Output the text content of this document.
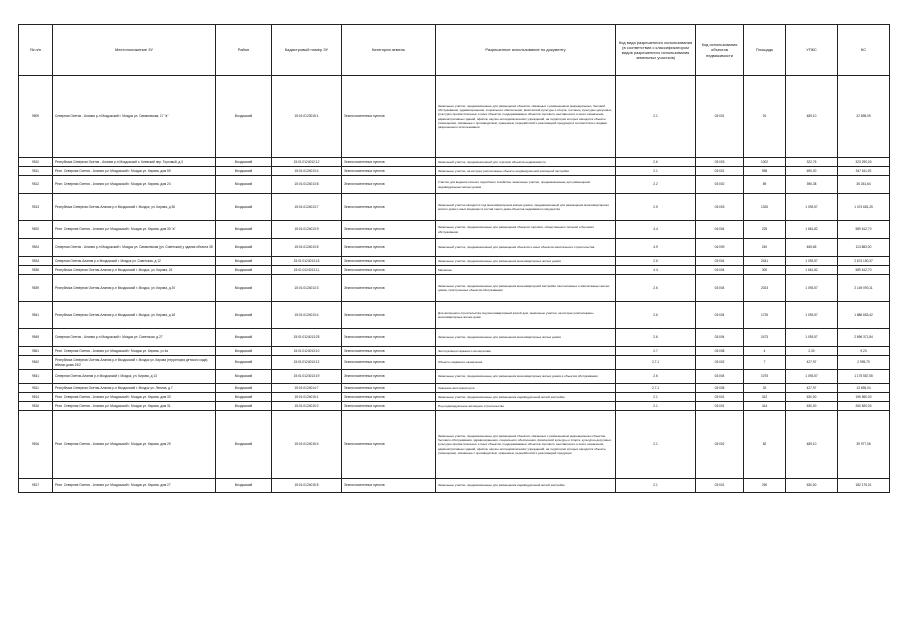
№ п/п	Местоположение ЗУ	Район	Кадастровый номер ЗУ	Категория земель	Разрешенное использование по документу	Код вида разрешенного использования (в соответствии с классификатором видов разрешенного использования земельных участков)	Код использования объектов недвижимости	Площадь	УПКС	КС
9509	Северная Осетия - Алания р-н Моздокский г. Моздок ул. Сивачевская, 17 "а"	Моздокский	15:01:0123015:1	Земли населенных пунктов	Земельные участки, предназначенные для размещения объектов, связанных с размещением рекреационных, бытовой обслуживания, здравоохранения, социального обеспечения, физической культуры и спорта, гостиниц, культурно-досуговых, культурно-просветительных и иных объектов, поддерживаемых объектов торгового, выставочного и иного назначения, административных зданий, офисов, научно-исследовательских учреждений, на территории которых находятся объекты (помещения), связанные с производством, хранением, переработкой и реализацией продукции в соответствии с видами разрешенного использования	2.1	03:001	91	489,10	22 698,09
9510	Республика Северная Осетия - Алания р-н Моздокский с. Киевский пер. Торговый, д.3	Моздокский	15:01:0124012:12	Земли населенных пунктов	Земельный участок, предназначенный для торговли объектов недвижимости	2.6	03:003	1002	322,76	323 290,00
9511	Респ. Северная Осетия - Алания р-н Моздокский г. Моздок ул. Кирова, дом 59	Моздокский	15:01:0124013:4	Земли населенных пунктов	Земельные участки, на которых расположены объекты индивидуальной жилищной застройки	2.1	03:001	958	690,00	347 611,92
9512	Респ. Северная Осетия - Алания р-н Моздокский г. Моздок ул. Кирова, дом 24	Моздокский	15:01:0124013:8	Земли населенных пунктов	Участки для ведения личного подсобного хозяйства, земельные участки, предназначенные для размещения индивидуальных жилых домов	2.2	03:002	89	396,38	35 261,64
9513	Республика Северная Осетия-Алания р-н Моздокский г. Моздок, ул. Кирова, д 36	Моздокский	15:01:0124013:7	Земли населенных пунктов	Земельный участок находится под многоквартирным жилым домом, предназначенный для размещения многоквартирного жилого дома и иных входящих в состав такого дома объектов недвижимого имущества	2.5	03:003	1325	1 093,57	1 474 681,25
9520	Респ. Северная Осетия - Алания р-н Моздокский г. Моздок ул. Кирова, дом 30 "а"	Моздокский	15:01:0124013:9	Земли населенных пунктов	Земельные участки, предназначенные для размещения объектов торговли, общественного питания и бытового обслуживания	4.4	04:004	225	1 661,82	589 612,70
9524	Северная Осетия - Алания р-н Моздокский г. Моздок ул. Сивачевская (ул. Советская) у здания объекта 38	Моздокский	15:01:0124013:5	Земли населенных пунктов	Земельный участок, предназначенный для размещения объектов и иных объектов капитального строительства	4.9	04:009	240	465,65	113 883,00
9534	Северная Осетия-Алания р-н Моздокский г. Моздок ул. Советская, д 12	Моздокский	15:01:0124013:15	Земли населенных пунктов	Земельные участки, предназначенные для размещения многоквартирных жилых домов	2.6	03:004	2441	1 093,57	2 674 150,37
9536	Республика Северная Осетия-Алания р-н Моздокский г. Моздок, ул. Кирова, 24	Моздокский	15:01:0124013:11	Земли населенных пунктов	Магазины	4.4	04:004	300	1 661,82	589 612,70
9539	Республика Северная Осетия-Алания р-н Моздокский г. Моздок, ул. Кирова, д 20	Моздокский	15:01:0124013:3	Земли населенных пунктов	Земельные участки, предназначенные для размещения многоквартирной застройки, многоэтажных и малоэтажных жилых домов, пристроенных объектов обслуживания	2.6	03:004	2023	1 093,57	2 149 090,11
9541	Республика Северная Осетия-Алания р-н Моздокский г. Моздок, ул. Кирова, д 18	Моздокский	15:01:0124013:4	Земли населенных пунктов	Для жилищного строительства под многоквартирный жилой дом, земельные участки, на которых расположены многоквартирные жилые дома	2.6	03:004	1725	1 093,57	1 886 653,42
9549	Северная Осетия - Алания р-н Моздокский г. Моздок ул. Советская, д 27	Моздокский	15:01:0124013:25	Земли населенных пунктов	Земельные участки, предназначенные для размещения многоквартирных жилых домов	2.6	03:004	2473	1 093,57	2 696 371,84
9561	Респ. Северная Осетия - Алания р-н Моздокский г. Моздок ул. Кирова, уч 4а	Моздокский	15:01:0124013:10	Земли населенных пунктов	Эксплуатация гаражного кооператива	2.7	03:008	4	2,30	9,23
9542	Республика Северная Осетия-Алания р-н Моздокский г. Моздок ул. Кирова (территория детского сада) вблизи дома 19/2	Моздокский	15:01:0124013:12	Земли населенных пунктов	Объекты гаражного назначения	2.7.1	03:002	7	427,97	2 995,79
9541	Северная Осетия-Алания р-н Моздокский г. Моздок, ул. Кирова, д 13	Моздокский	15:01:0124013:19	Земли населенных пунктов	Земельные участки, предназначенные для размещения многоквартирных жилых домов и объектов обслуживания	2.6	03:004	1075	1 093,57	1 175 587,55
9511	Республика Северная Осетия-Алания р-н Моздокский г. Моздок ул. Ленина, д 7	Моздокский	15:01:0124014:7	Земли населенных пунктов	Хранение автотранспорта	2.7.1	03:005	32	427,97	13 695,04
9514	Респ. Северная Осетия - Алания р-н Моздокский г. Моздок ул. Кирова, дом 33	Моздокский	15:01:0124015:1	Земли населенных пунктов	Земельные участки, предназначенные для размещения индивидуальной жилой застройки	2.1	03:001	312	630,00	196 560,00
9516	Респ. Северная Осетия - Алания р-н Моздокский г. Моздок ул. Кирова, дом 31	Моздокский	15:01:0124015:2	Земли населенных пунктов	Под индивидуальное жилищное строительство	2.1	03:001	414	630,00	260 820,00
9516	Респ. Северная Осетия - Алания р-н Моздокский г. Моздок ул. Кирова, дом 29	Моздокский	15:01:0124015:4	Земли населенных пунктов	Земельные участки, предназначенные для размещения объектов, связанных с размещением рекреационных объектов, бытового обслуживания, здравоохранения, социального обеспечения, физической культуры и спорта, культурно-досуговых, культурно-просветительных и иных объектов, поддерживаемых объектов торгового, выставочного и иного назначения, административных зданий, офисов, научно-исследовательских учреждений, на территории которых находятся объекты (помещения), связанные с производством, хранением, переработкой и реализацией продукции	2.1	03:002	82	489,10	39 977,06
9517	Респ. Северная Осетия - Алания р-н Моздокский г. Моздок ул. Кирова, дом 27	Моздокский	15:01:0124015:5	Земли населенных пунктов	Земельные участки, предназначенные для размещения индивидуальной жилой застройки	2.1	03:001	290	630,00	182 175,01
